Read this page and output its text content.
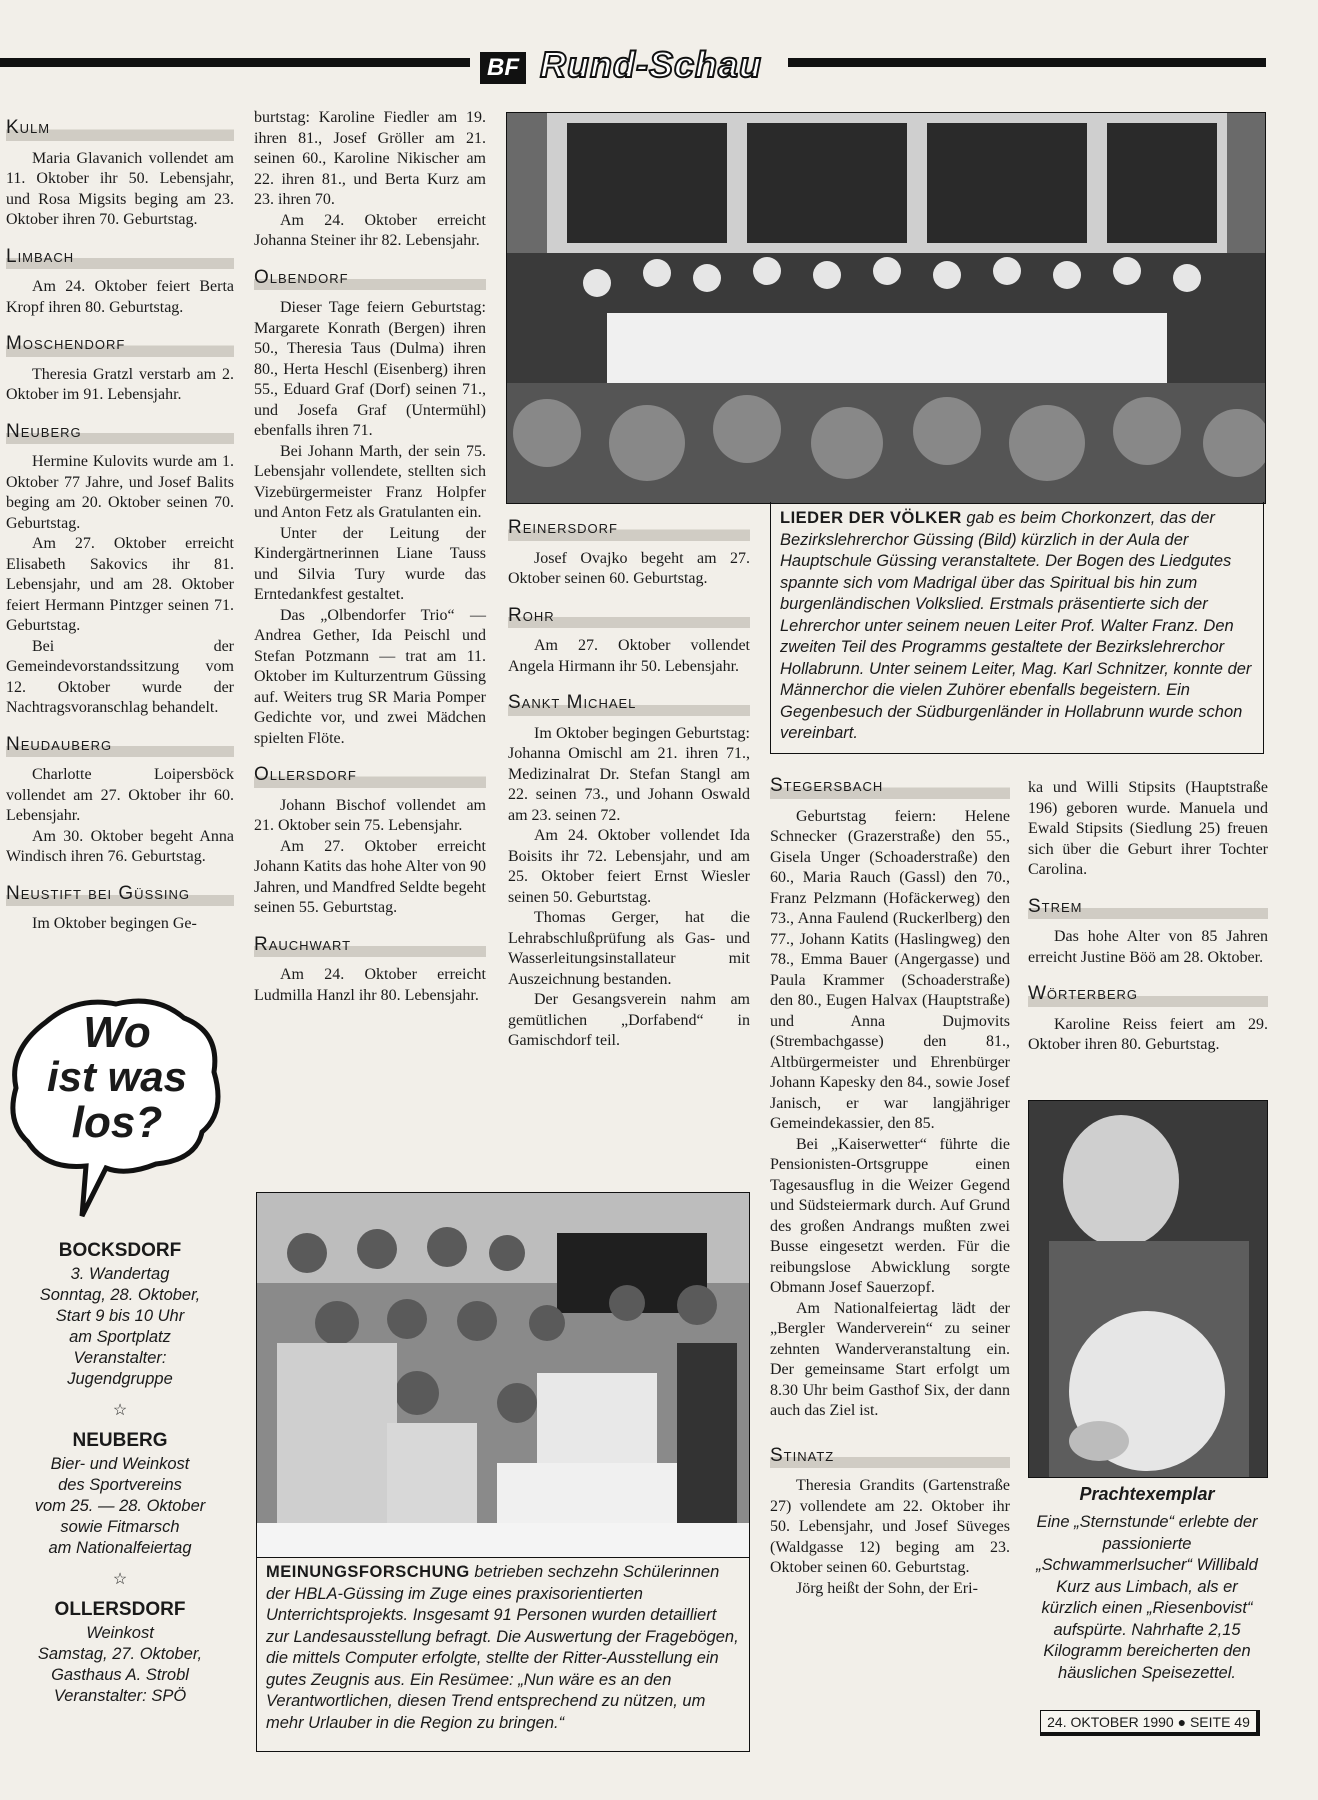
BF Rund-Schau
Kulm

Maria Glavanich vollendet am 11. Oktober ihr 50. Lebensjahr, und Rosa Migsits beging am 23. Oktober ihren 70. Geburtstag.

Limbach

Am 24. Oktober feiert Berta Kropf ihren 80. Geburtstag.

Moschendorf

Theresia Gratzl verstarb am 2. Oktober im 91. Lebensjahr.

Neuberg

Hermine Kulovits wurde am 1. Oktober 77 Jahre, und Josef Balits beging am 20. Oktober seinen 70. Geburtstag.

Am 27. Oktober erreicht Elisabeth Sakovics ihr 81. Lebensjahr, und am 28. Oktober feiert Hermann Pintzger seinen 71. Geburtstag.

Bei der Gemeindevorstandssitzung vom 12. Oktober wurde der Nachtragsvoranschlag behandelt.

Neudauberg

Charlotte Loipersböck vollendet am 27. Oktober ihr 60. Lebensjahr.

Am 30. Oktober begeht Anna Windisch ihren 76. Geburtstag.

Neustift bei Güssing

Im Oktober begingen Ge-

Wo
ist was
los?
BOCKSDORF
3. Wandertag
Sonntag, 28. Oktober,
Start 9 bis 10 Uhr
am Sportplatz
Veranstalter:
Jugendgruppe
☆
NEUBERG
Bier- und Weinkost
des Sportvereins
vom 25. — 28. Oktober
sowie Fitmarsch
am Nationalfeiertag
☆
OLLERSDORF
Weinkost
Samstag, 27. Oktober,
Gasthaus A. Strobl
Veranstalter: SPÖ

burtstag: Karoline Fiedler am 19. ihren 81., Josef Gröller am 21. seinen 60., Karoline Nikischer am 22. ihren 81., und Berta Kurz am 23. ihren 70.

Am 24. Oktober erreicht Johanna Steiner ihr 82. Lebensjahr.

Olbendorf

Dieser Tage feiern Geburtstag: Margarete Konrath (Bergen) ihren 50., Theresia Taus (Dulma) ihren 80., Herta Heschl (Eisenberg) ihren 55., Eduard Graf (Dorf) seinen 71., und Josefa Graf (Untermühl) ebenfalls ihren 71.

Bei Johann Marth, der sein 75. Lebensjahr vollendete, stellten sich Vizebürgermeister Franz Holpfer und Anton Fetz als Gratulanten ein.

Unter der Leitung der Kindergärtnerinnen Liane Tauss und Silvia Tury wurde das Erntedankfest gestaltet.

Das „Olbendorfer Trio“ — Andrea Gether, Ida Peischl und Stefan Potzmann — trat am 11. Oktober im Kulturzentrum Güssing auf. Weiters trug SR Maria Pomper Gedichte vor, und zwei Mädchen spielten Flöte.

Ollersdorf

Johann Bischof vollendet am 21. Oktober sein 75. Lebensjahr.

Am 27. Oktober erreicht Johann Katits das hohe Alter von 90 Jahren, und Mandfred Seldte begeht seinen 55. Geburtstag.

Rauchwart

Am 24. Oktober erreicht Ludmilla Hanzl ihr 80. Lebensjahr.

LIEDER DER VÖLKER gab es beim Chorkonzert, das der Bezirkslehrerchor Güssing (Bild) kürzlich in der Aula der Hauptschule Güssing veranstaltete. Der Bogen des Liedgutes spannte sich vom Madrigal über das Spiritual bis hin zum burgenländischen Volkslied. Erstmals präsentierte sich der Lehrerchor unter seinem neuen Leiter Prof. Walter Franz. Den zweiten Teil des Programms gestaltete der Bezirkslehrerchor Hollabrunn. Unter seinem Leiter, Mag. Karl Schnitzer, konnte der Männerchor die vielen Zuhörer ebenfalls begeistern. Ein Gegenbesuch der Südburgenländer in Hollabrunn wurde schon vereinbart.
Reinersdorf

Josef Ovajko begeht am 27. Oktober seinen 60. Geburtstag.

Rohr

Am 27. Oktober vollendet Angela Hirmann ihr 50. Lebensjahr.

Sankt Michael

Im Oktober begingen Geburtstag: Johanna Omischl am 21. ihren 71., Medizinalrat Dr. Stefan Stangl am 22. seinen 73., und Johann Oswald am 23. seinen 72.

Am 24. Oktober vollendet Ida Boisits ihr 72. Lebensjahr, und am 25. Oktober feiert Ernst Wiesler seinen 50. Geburtstag.

Thomas Gerger, hat die Lehrabschlußprüfung als Gas- und Wasserleitungsinstallateur mit Auszeichnung bestanden.

Der Gesangsverein nahm am gemütlichen „Dorfabend“ in Gamischdorf teil.

MEINUNGSFORSCHUNG betrieben sechzehn Schülerinnen der HBLA-Güssing im Zuge eines praxisorientierten Unterrichtsprojekts. Insgesamt 91 Personen wurden detailliert zur Landesausstellung befragt. Die Auswertung der Fragebögen, die mittels Computer erfolgte, stellte der Ritter-Ausstellung ein gutes Zeugnis aus. Ein Resümee: „Nun wäre es an den Verantwortlichen, diesen Trend entsprechend zu nützen, um mehr Urlauber in die Region zu bringen.“
Stegersbach

Geburtstag feiern: Helene Schnecker (Grazerstraße) den 55., Gisela Unger (Schoaderstraße) den 60., Maria Rauch (Gassl) den 70., Franz Pelzmann (Hofäckerweg) den 73., Anna Faulend (Ruckerlberg) den 77., Johann Katits (Haslingweg) den 78., Emma Bauer (Angergasse) und Paula Krammer (Schoaderstraße) den 80., Eugen Halvax (Hauptstraße) und Anna Dujmovits (Strembachgasse) den 81., Altbürgermeister und Ehrenbürger Johann Kapesky den 84., sowie Josef Janisch, er war langjähriger Gemeindekassier, den 85.

Bei „Kaiserwetter“ führte die Pensionisten-Ortsgruppe einen Tagesausflug in die Weizer Gegend und Südsteiermark durch. Auf Grund des großen Andrangs mußten zwei Busse eingesetzt werden. Für die reibungslose Abwicklung sorgte Obmann Josef Sauerzopf.

Am Nationalfeiertag lädt der „Bergler Wanderverein“ zu seiner zehnten Wanderveranstaltung ein. Der gemeinsame Start erfolgt um 8.30 Uhr beim Gasthof Six, der dann auch das Ziel ist.

Stinatz

Theresia Grandits (Gartenstraße 27) vollendete am 22. Oktober ihr 50. Lebensjahr, und Josef Süveges (Waldgasse 12) beging am 23. Oktober seinen 60. Geburtstag.

Jörg heißt der Sohn, der Eri-

ka und Willi Stipsits (Hauptstraße 196) geboren wurde. Manuela und Ewald Stipsits (Siedlung 25) freuen sich über die Geburt ihrer Tochter Carolina.

Strem

Das hohe Alter von 85 Jahren erreicht Justine Böö am 28. Oktober.

Wörterberg

Karoline Reiss feiert am 29. Oktober ihren 80. Geburtstag.

Prachtexemplar
Eine „Sternstunde“ erlebte der passionierte „Schwammerlsucher“ Willibald Kurz aus Limbach, als er kürzlich einen „Riesenbovist“ aufspürte. Nahrhafte 2,15 Kilogramm bereicherten den häuslichen Speisezettel.
24. OKTOBER 1990 ● SEITE 49
